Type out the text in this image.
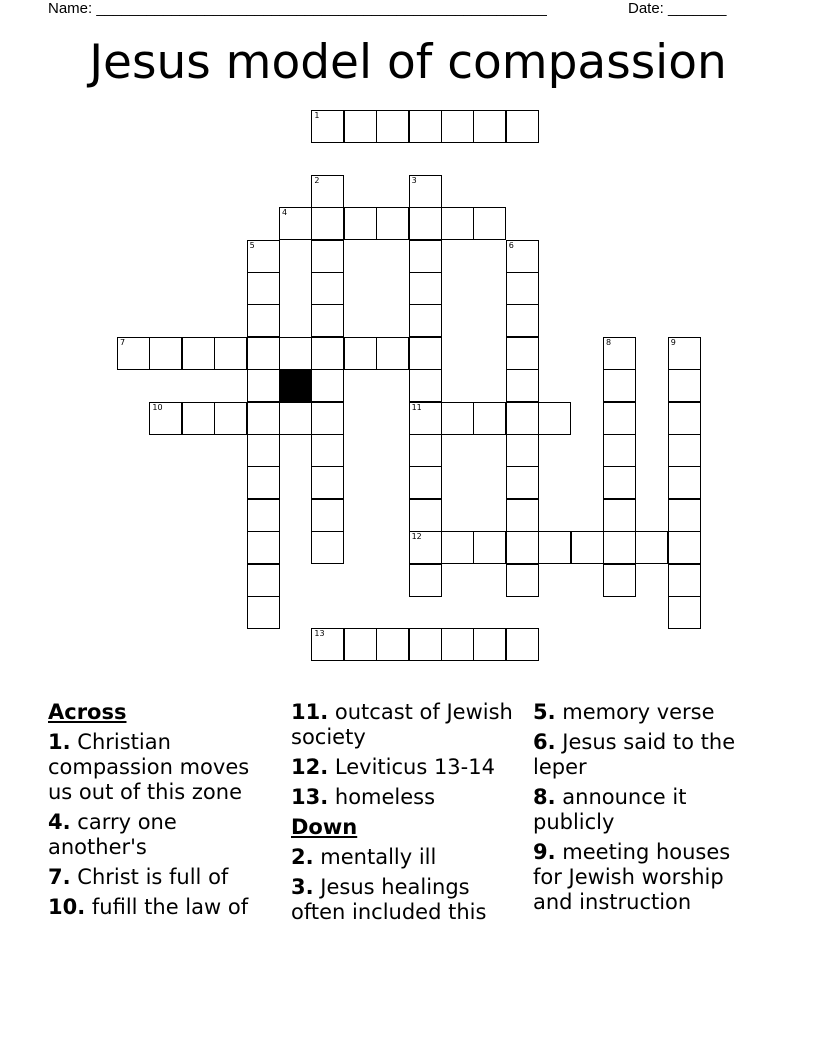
Name: ______________________________________________________	Date: _______
Jesus model of compassion
1
2	3
11
12
4
5	6
7	8	9
10
13
Across
1. Christian compassion moves us out of this zone
4. carry one another's
7. Christ is full of
10. fufill the law of
11. outcast of Jewish society
12. Leviticus 13-14
13. homeless
Down
2. mentally ill
3. Jesus healings often included this
5. memory verse
6. Jesus said to the leper
8. announce it publicly
9. meeting houses for Jewish worship and instruction
